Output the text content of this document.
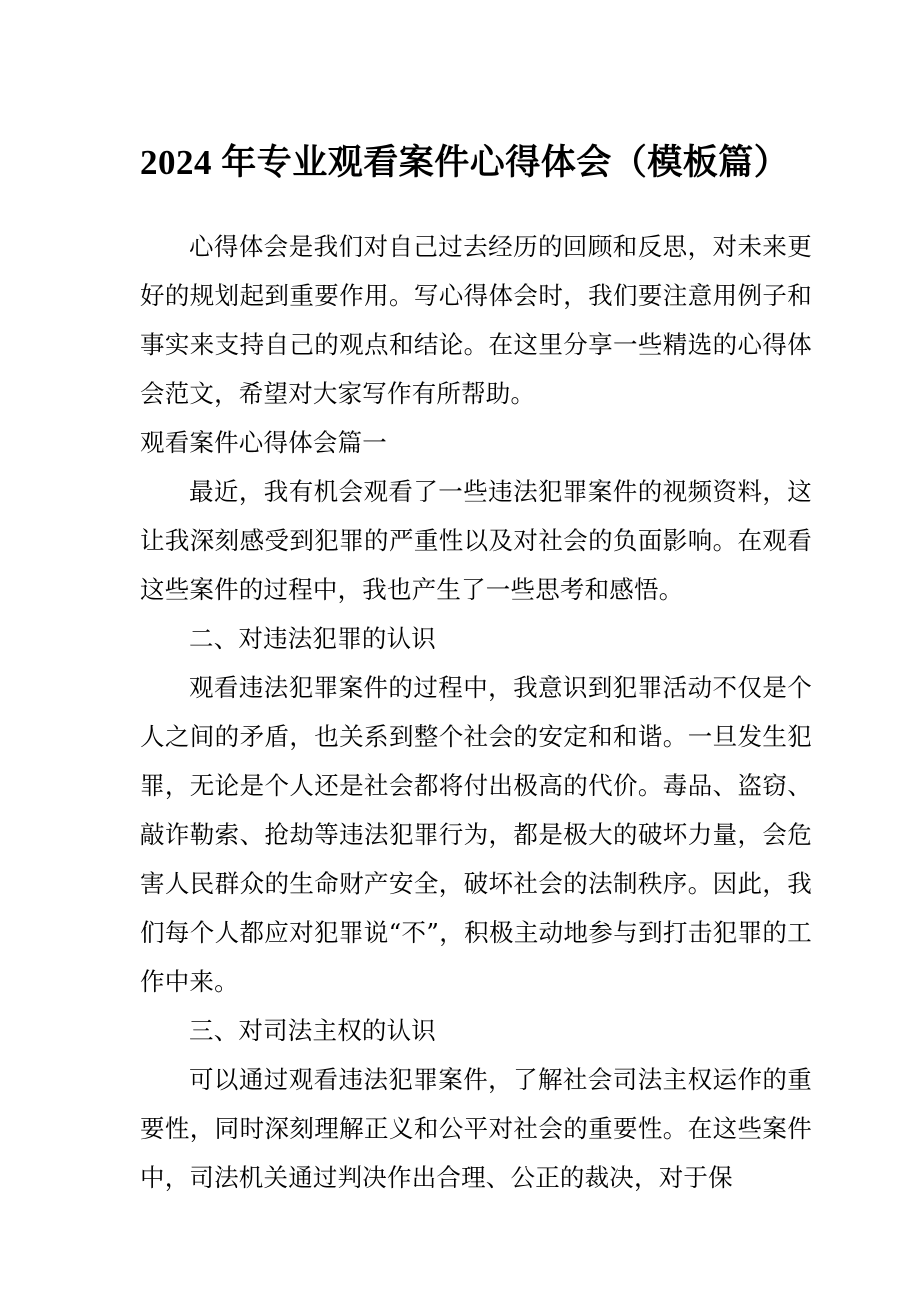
2024 年专业观看案件心得体会（模板篇）

心得体会是我们对自己过去经历的回顾和反思，对未来更好的规划起到重要作用。写心得体会时，我们要注意用例子和事实来支持自己的观点和结论。在这里分享一些精选的心得体会范文，希望对大家写作有所帮助。

观看案件心得体会篇一

最近，我有机会观看了一些违法犯罪案件的视频资料，这让我深刻感受到犯罪的严重性以及对社会的负面影响。在观看这些案件的过程中，我也产生了一些思考和感悟。

二、对违法犯罪的认识

观看违法犯罪案件的过程中，我意识到犯罪活动不仅是个人之间的矛盾，也关系到整个社会的安定和和谐。一旦发生犯罪，无论是个人还是社会都将付出极高的代价。毒品、盗窃、敲诈勒索、抢劫等违法犯罪行为，都是极大的破坏力量，会危害人民群众的生命财产安全，破坏社会的法制秩序。因此，我们每个人都应对犯罪说“不”，积极主动地参与到打击犯罪的工作中来。

三、对司法主权的认识

可以通过观看违法犯罪案件，了解社会司法主权运作的重要性，同时深刻理解正义和公平对社会的重要性。在这些案件中，司法机关通过判决作出合理、公正的裁决，对于保
